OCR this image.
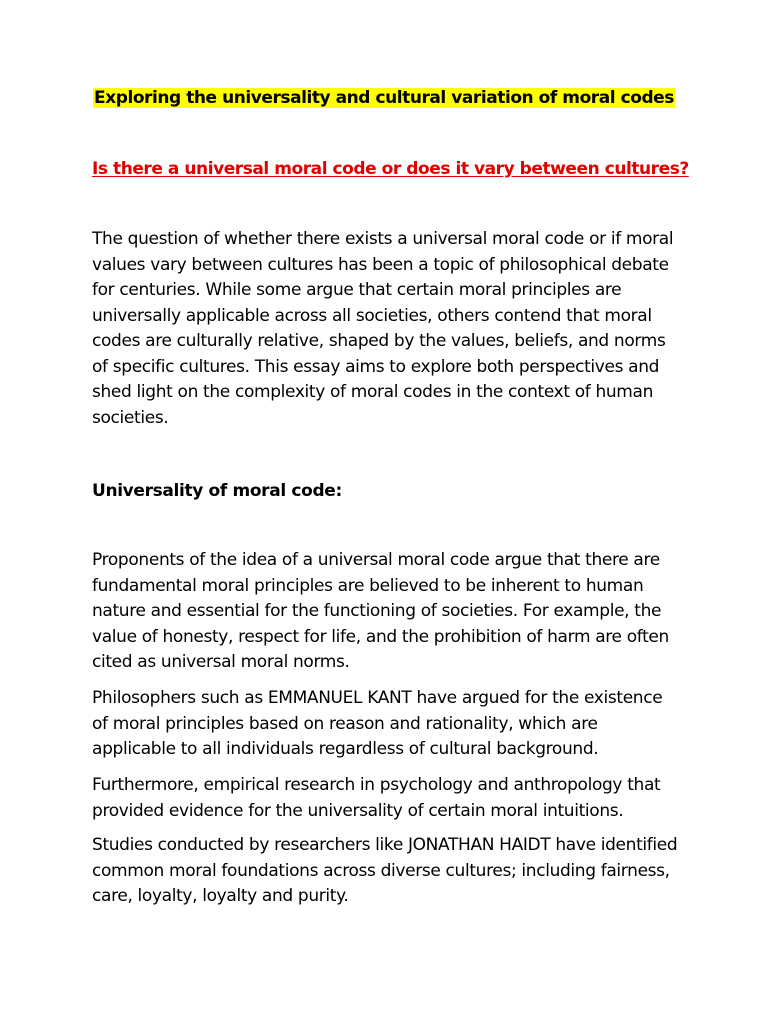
Exploring the universality and cultural variation of moral codes
Is there a universal moral code or does it vary between cultures?

The question of whether there exists a universal moral code or if moral values vary between cultures has been a topic of philosophical debate for centuries. While some argue that certain moral principles are universally applicable across all societies, others contend that moral codes are culturally relative, shaped by the values, beliefs, and norms of specific cultures. This essay aims to explore both perspectives and shed light on the complexity of moral codes in the context of human societies.

Universality of moral code:

Proponents of the idea of a universal moral code argue that there are fundamental moral principles are believed to be inherent to human nature and essential for the functioning of societies. For example, the value of honesty, respect for life, and the prohibition of harm are often cited as universal moral norms.

Philosophers such as EMMANUEL KANT have argued for the existence of moral principles based on reason and rationality, which are applicable to all individuals regardless of cultural background.

Furthermore, empirical research in psychology and anthropology that provided evidence for the universality of certain moral intuitions.

Studies conducted by researchers like JONATHAN HAIDT have identified common moral foundations across diverse cultures; including fairness, care, loyalty, loyalty and purity.
